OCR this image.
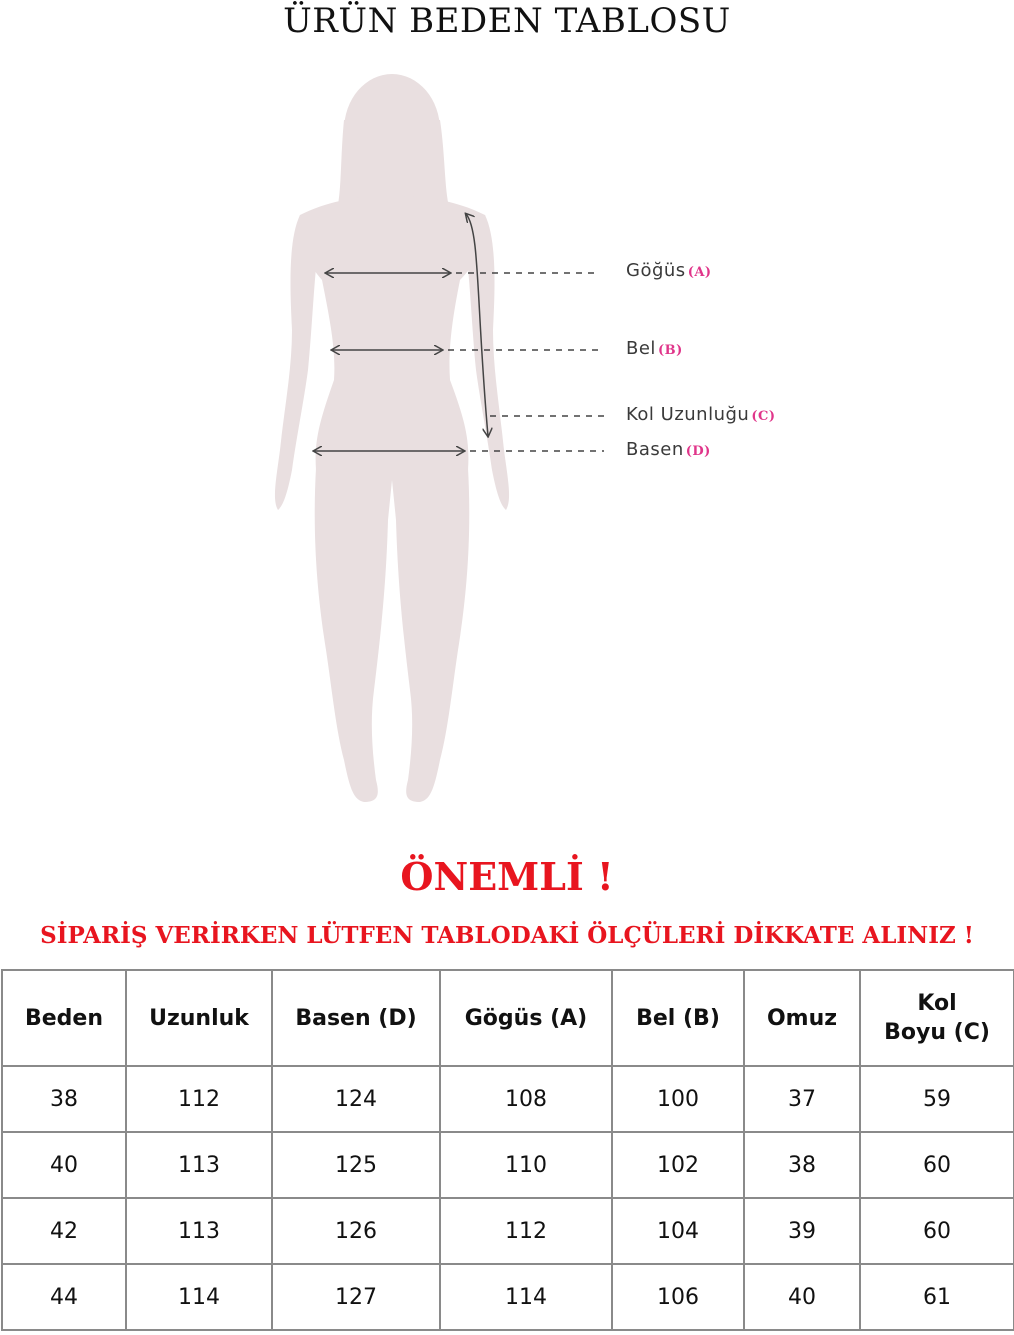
ÜRÜN BEDEN TABLOSU
Göğüs (A)
Bel (B)
Kol Uzunluğu (C)
Basen (D)
ÖNEMLİ !
SİPARİŞ VERİRKEN LÜTFEN TABLODAKİ ÖLÇÜLERİ DİKKATE ALINIZ !
Beden	Uzunluk	Basen (D)	Gögüs (A)	Bel (B)	Omuz	Kol
Boyu (C)
38	112	124	108	100	37	59
40	113	125	110	102	38	60
42	113	126	112	104	39	60
44	114	127	114	106	40	61
